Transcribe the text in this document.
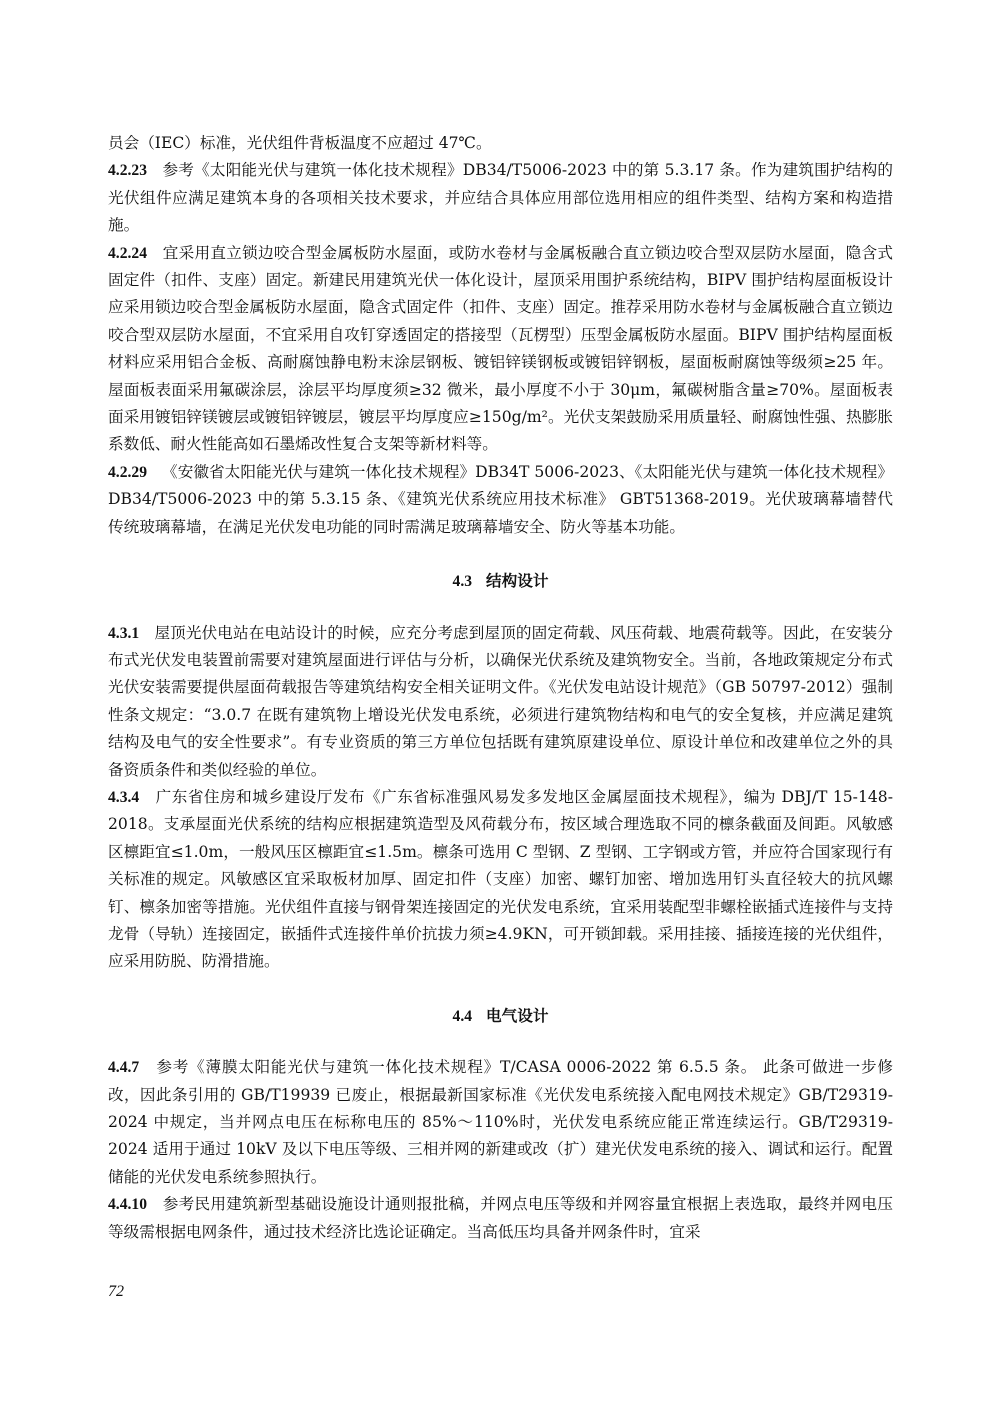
员会（IEC）标准，光伏组件背板温度不应超过 47℃。

4.2.23 参考《太阳能光伏与建筑一体化技术规程》DB34/T5006-2023 中的第 5.3.17 条。作为建筑围护结构的光伏组件应满足建筑本身的各项相关技术要求，并应结合具体应用部位选用相应的组件类型、结构方案和构造措施。

4.2.24 宜采用直立锁边咬合型金属板防水屋面，或防水卷材与金属板融合直立锁边咬合型双层防水屋面，隐含式固定件（扣件、支座）固定。新建民用建筑光伏一体化设计，屋顶采用围护系统结构，BIPV 围护结构屋面板设计应采用锁边咬合型金属板防水屋面，隐含式固定件（扣件、支座）固定。推荐采用防水卷材与金属板融合直立锁边咬合型双层防水屋面，不宜采用自攻钉穿透固定的搭接型（瓦楞型）压型金属板防水屋面。BIPV 围护结构屋面板材料应采用铝合金板、高耐腐蚀静电粉末涂层钢板、镀铝锌镁钢板或镀铝锌钢板，屋面板耐腐蚀等级须≥25 年。屋面板表面采用氟碳涂层，涂层平均厚度须≥32 微米，最小厚度不小于 30μm，氟碳树脂含量≥70%。屋面板表面采用镀铝锌镁镀层或镀铝锌镀层，镀层平均厚度应≥150g/m²。光伏支架鼓励采用质量轻、耐腐蚀性强、热膨胀系数低、耐火性能高如石墨烯改性复合支架等新材料等。

4.2.29 《安徽省太阳能光伏与建筑一体化技术规程》DB34T 5006-2023、《太阳能光伏与建筑一体化技术规程》DB34/T5006-2023 中的第 5.3.15 条、《建筑光伏系统应用技术标准》 GBT51368-2019。光伏玻璃幕墙替代传统玻璃幕墙，在满足光伏发电功能的同时需满足玻璃幕墙安全、防火等基本功能。

4.3 结构设计

4.3.1 屋顶光伏电站在电站设计的时候，应充分考虑到屋顶的固定荷载、风压荷载、地震荷载等。因此，在安装分布式光伏发电装置前需要对建筑屋面进行评估与分析，以确保光伏系统及建筑物安全。当前，各地政策规定分布式光伏安装需要提供屋面荷载报告等建筑结构安全相关证明文件。《光伏发电站设计规范》（GB 50797-2012）强制性条文规定：“3.0.7 在既有建筑物上增设光伏发电系统，必须进行建筑物结构和电气的安全复核，并应满足建筑结构及电气的安全性要求”。有专业资质的第三方单位包括既有建筑原建设单位、原设计单位和改建单位之外的具备资质条件和类似经验的单位。

4.3.4 广东省住房和城乡建设厅发布《广东省标准强风易发多发地区金属屋面技术规程》，编为 DBJ/T 15-148-2018。支承屋面光伏系统的结构应根据建筑造型及风荷载分布，按区域合理选取不同的檩条截面及间距。风敏感区檩距宜≤1.0m，一般风压区檩距宜≤1.5m。檩条可选用 C 型钢、Z 型钢、工字钢或方管，并应符合国家现行有关标准的规定。风敏感区宜采取板材加厚、固定扣件（支座）加密、螺钉加密、增加选用钉头直径较大的抗风螺钉、檩条加密等措施。光伏组件直接与钢骨架连接固定的光伏发电系统，宜采用装配型非螺栓嵌插式连接件与支持龙骨（导轨）连接固定，嵌插件式连接件单价抗拔力须≥4.9KN，可开锁卸载。采用挂接、插接连接的光伏组件，应采用防脱、防滑措施。

4.4 电气设计

4.4.7 参考《薄膜太阳能光伏与建筑一体化技术规程》T/CASA 0006-2022 第 6.5.5 条。 此条可做进一步修改，因此条引用的 GB/T19939 已废止，根据最新国家标准《光伏发电系统接入配电网技术规定》GB/T29319-2024 中规定，当并网点电压在标称电压的 85%～110%时，光伏发电系统应能正常连续运行。GB/T29319-2024 适用于通过 10kV 及以下电压等级、三相并网的新建或改（扩）建光伏发电系统的接入、调试和运行。配置储能的光伏发电系统参照执行。

4.4.10 参考民用建筑新型基础设施设计通则报批稿，并网点电压等级和并网容量宜根据上表选取，最终并网电压等级需根据电网条件，通过技术经济比选论证确定。当高低压均具备并网条件时，宜采

72
